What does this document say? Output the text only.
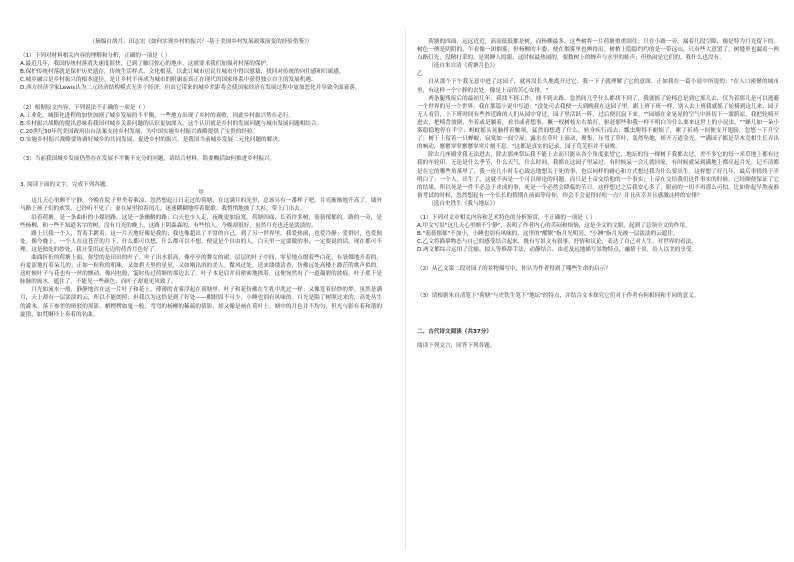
（摘编自胡月、田志宏《如何实现乡村的振兴？-基于美国乡村发展政策演变的经验借鉴》）

（1）下列对材料相关内容的理解和分析，正确的一项是（ ）

A.最近几年，我国传统村落消失速度很快，已到了触目惊心的地步，这就要求我们加强对村落的保护。

B.保护传统村落就是保护历史遗存，传统生活样式、文化根基，以此让城市居民在城市中得以慰藉，找回对传统的向往感和归属感。

C.城乡融合是乡村振兴的根本途径，是让乡村不再成为城市的附庸而真正在现代的国家体系中获得独立自主的发展机遇。

D.西方经济学家Lewis认为二元经济结构模式无害于经济，但由它带来的城乡差距将会使国家经济在发展过程中更加恶化并导致全面衰落。

（2）根据原文内容，下列说法不正确的一项是（ ）

A.工业化、城镇化进程的加快加剧了城乡发展的不平衡，一些地方出现了乡村的衰败，因此乡村振兴势在必行。

B.乡村振兴战略的提出意味着我国对城乡关系问题的认识更加深入，这个认识就是乡村的发展问题与城市发展问题相结合。

C.20世纪30年代美国政府出台法案支持乡村发展，为中国实施乡村振兴战略提供了宝贵的经验。

D.实施乡村振兴战略要协调好城乡的共同发展，促进乡村的振兴，是我国当前城乡发展二元化问题的解决。

（3）当前我国城乡发展仍然存在发展不平衡不充分的问题，请结合材料，简要概括如何推进乡村振兴。

3. 阅读下面的文字，完成下列各题。

甲

这几天心里颇不宁静。今晚在院子里坐着乘凉，忽然想起日日走过的荷塘，在这满月的光里，总该另有一番样子吧。月亮渐渐地升高了，墙外马路上孩子们的欢笑，已经听不见了；妻在屋里拍着闰儿，迷迷糊糊地哼着眠歌。我悄悄地披了大衫，带上门出去。

沿着荷塘，是一条曲折的小煤屑路。这是一条幽僻的路；白天也少人走，夜晚更加寂寞。荷塘四面，长着许多树，蓊蓊郁郁的。路的一旁，是些杨柳，和一些不知道名字的树。没有月光的晚上，这路上阴森森的，有些怕人。今晚却很好，虽然月光也还是淡淡的。

路上只我一个人，背着手踱着。这一片天地好像是我的；我也像超出了平常的自己，到了另一世界里。我爱热闹，也爱冷静；爱群居，也爱独处。像今晚上，一个人在这苍茫的月下，什么都可以想，什么都可以不想，便觉是个自由的人。白天里一定要做的事，一定要说的话，现在都可不理。这是独处的妙处，我且受用这无边的荷香月色好了。

曲曲折折的荷塘上面，弥望的是田田的叶子。叶子出水很高，像亭亭的舞女的裙。层层的叶子中间，零星地点缀着些白花，有袅娜地开着的，有羞涩地打着朵儿的；正如一粒粒的明珠，又如碧天里的星星，又如刚出浴的美人。微风过处，送来缕缕清香，仿佛远处高楼上渺茫的歌声似的。这时候叶子与花也有一丝的颤动，像闪电般，霎时传过荷塘的那边去了。叶子本是肩并肩密密地挨着，这便宛然有了一道凝碧的波痕。叶子底下是脉脉的流水，遮住了，不能见一些颜色；而叶子却更见风致了。

月光如流水一般，静静地泻在这一片叶子和花上。薄薄的青雾浮起在荷塘里。叶子和花仿佛在牛乳中洗过一样；又像笼着轻纱的梦。虽然是满月，天上却有一层淡淡的云，所以不能朗照；但我以为这恰是到了好处——酣眠固不可少，小睡也别有风味的。月光是隔了树照过来的，高处丛生的灌木，落下参差的斑驳的黑影，峭楞楞如鬼一般；弯弯的杨柳的稀疏的倩影，却又像是画在荷叶上。塘中的月色并不均匀；但光与影有着和谐的旋律，如梵婀玲上奏着的名曲。

荷塘的四面，远远近近，高高低低都是树，而杨柳最多。这些树将一片荷塘重重围住；只在小路一旁，漏着几段空隙，像是特为月光留下的。树色一例是阴阴的，乍看像一团烟雾；但杨柳的丰姿，便在烟雾里也辨得出。树梢上隐隐约约的是一带远山，只有些大意罢了。树缝里也漏着一两点路灯光，没精打采的，是渴睡人的眼。这时候最热闹的，要数树上的蝉声与水里的蛙声；但热闹是它们的，我什么也没有。

（选自朱自清《荷塘月色》）

乙

自从那个下午我无意中进了这园子，就再没长久地离开过它。我一下子就理解了它的意图。正如我在一篇小说中所说的："在人口密聚的城市里，有这样一个宁静的去处，像是上帝的苦心安排。"

两条腿残废后的最初几年，我找不到工作，找不到去路，忽然间几乎什么都找不到了，我就摇了轮椅总是到它那儿去，仅为着那儿是可以逃避一个世界的另一个世界。我在那篇小说中写道："没处可去我便一天到晚耗在这园子里。跟上班下班一样，别人去上班我就摇了轮椅到这儿来。园子无人看管，上下班时间有些抄近路的人们从园中穿过，园子里活跃一阵，过后便沉寂下来。""园墙在金晃晃的空气中斜切下一溜荫凉，我把轮椅开进去，把椅背放倒，坐着或是躺着，看书或者想事，撅一杈树枝左右拍打，驱赶那些和我一样不明白为什么要来这世上的小昆虫。""蜂儿如一朵小雾稳稳地停在半空；蚂蚁摇头晃脑捋着触须，猛然间想透了什么，转身疾行而去；瓢虫爬得不耐烦了，累了祈祷一回便支开翅膀，忽悠一下升空了；树干上留着一只蝉蜕，寂寞如一间空屋；露水在草叶上滚动，聚集，压弯了草叶，轰然坠地，摔开万道金光。""满园子都是草木竞相生长弄出的响动，窸窸窣窣窸窸窣窣片刻不息。"这都是真实的记录，园子荒芜但并不衰败。

除去几座殿堂我无法进去，除去那座祭坛我不能上去而只能从各个角度张望它，地坛的每一棵树下我都去过，差不多它的每一米草地上都有过我的车轮印。无论是什么季节，什么天气，什么时间，我都在这园子里呆过。有时候呆一会儿就回家，有时候就呆到满地上都亮起月光。记不清都是在它的哪些角落里了，我一连几小时专心致志地想关于死的事，也以同样的耐心和方式想过我为什么要出生。这样想了好几年，最后事情终于弄明白了：一个人，出生了，这就不再是一个可以辩论的问题，而只是上帝交给他的一个事实；上帝在交给我们这件事实的时候，已经顺便保证了它的结果，所以死是一件不必急于求成的事，死是一个必然会降临的节日。这样想过之后我安心多了，眼前的一切不再那么可怕。比如你起早熬夜准备考试的时候，忽然想起有一个长长的假期在前面等待你，你会不会觉得轻松一点？并且庆幸并且感激这样的安排？

（选自史铁生《我与地坛》）

（1）下列对文章相关内容和艺术特色的分析鉴赏，不正确的一项是（ ）

A.甲文写景"这几天心里颇不宁静"，表明了作者内心的苦闷和烦恼，这是全文的文眼，起到了总领全文的作用。

B."蓊蓊郁郁"不加小，小睡也别有风味的，这里的"酣眠"指月光明亮，"小睡"指月光被一层淡淡的云遮住。

C.乙文将描摹物态与自己的感受结合起来，既有写景文有叙事、抒情和议论，表达了自己对人生、对世界的看法。

D.两文都综合运用了比喻、拟人等修辞手法，动静结合、由近及远地描写景物特点，融情于景，给人以美的享受。

（2）从乙文第二段对园子的景物描写中，你认为作者得到了哪些生命的启示？

（3）请根据朱自清笔下"荷塘"与史铁生笔下"地坛"的特点，并结合文本探究它们对于作者有何相同和不同的意义。

二、古代诗文阅读（共37分）

阅读下列文言，回答下列各题。
